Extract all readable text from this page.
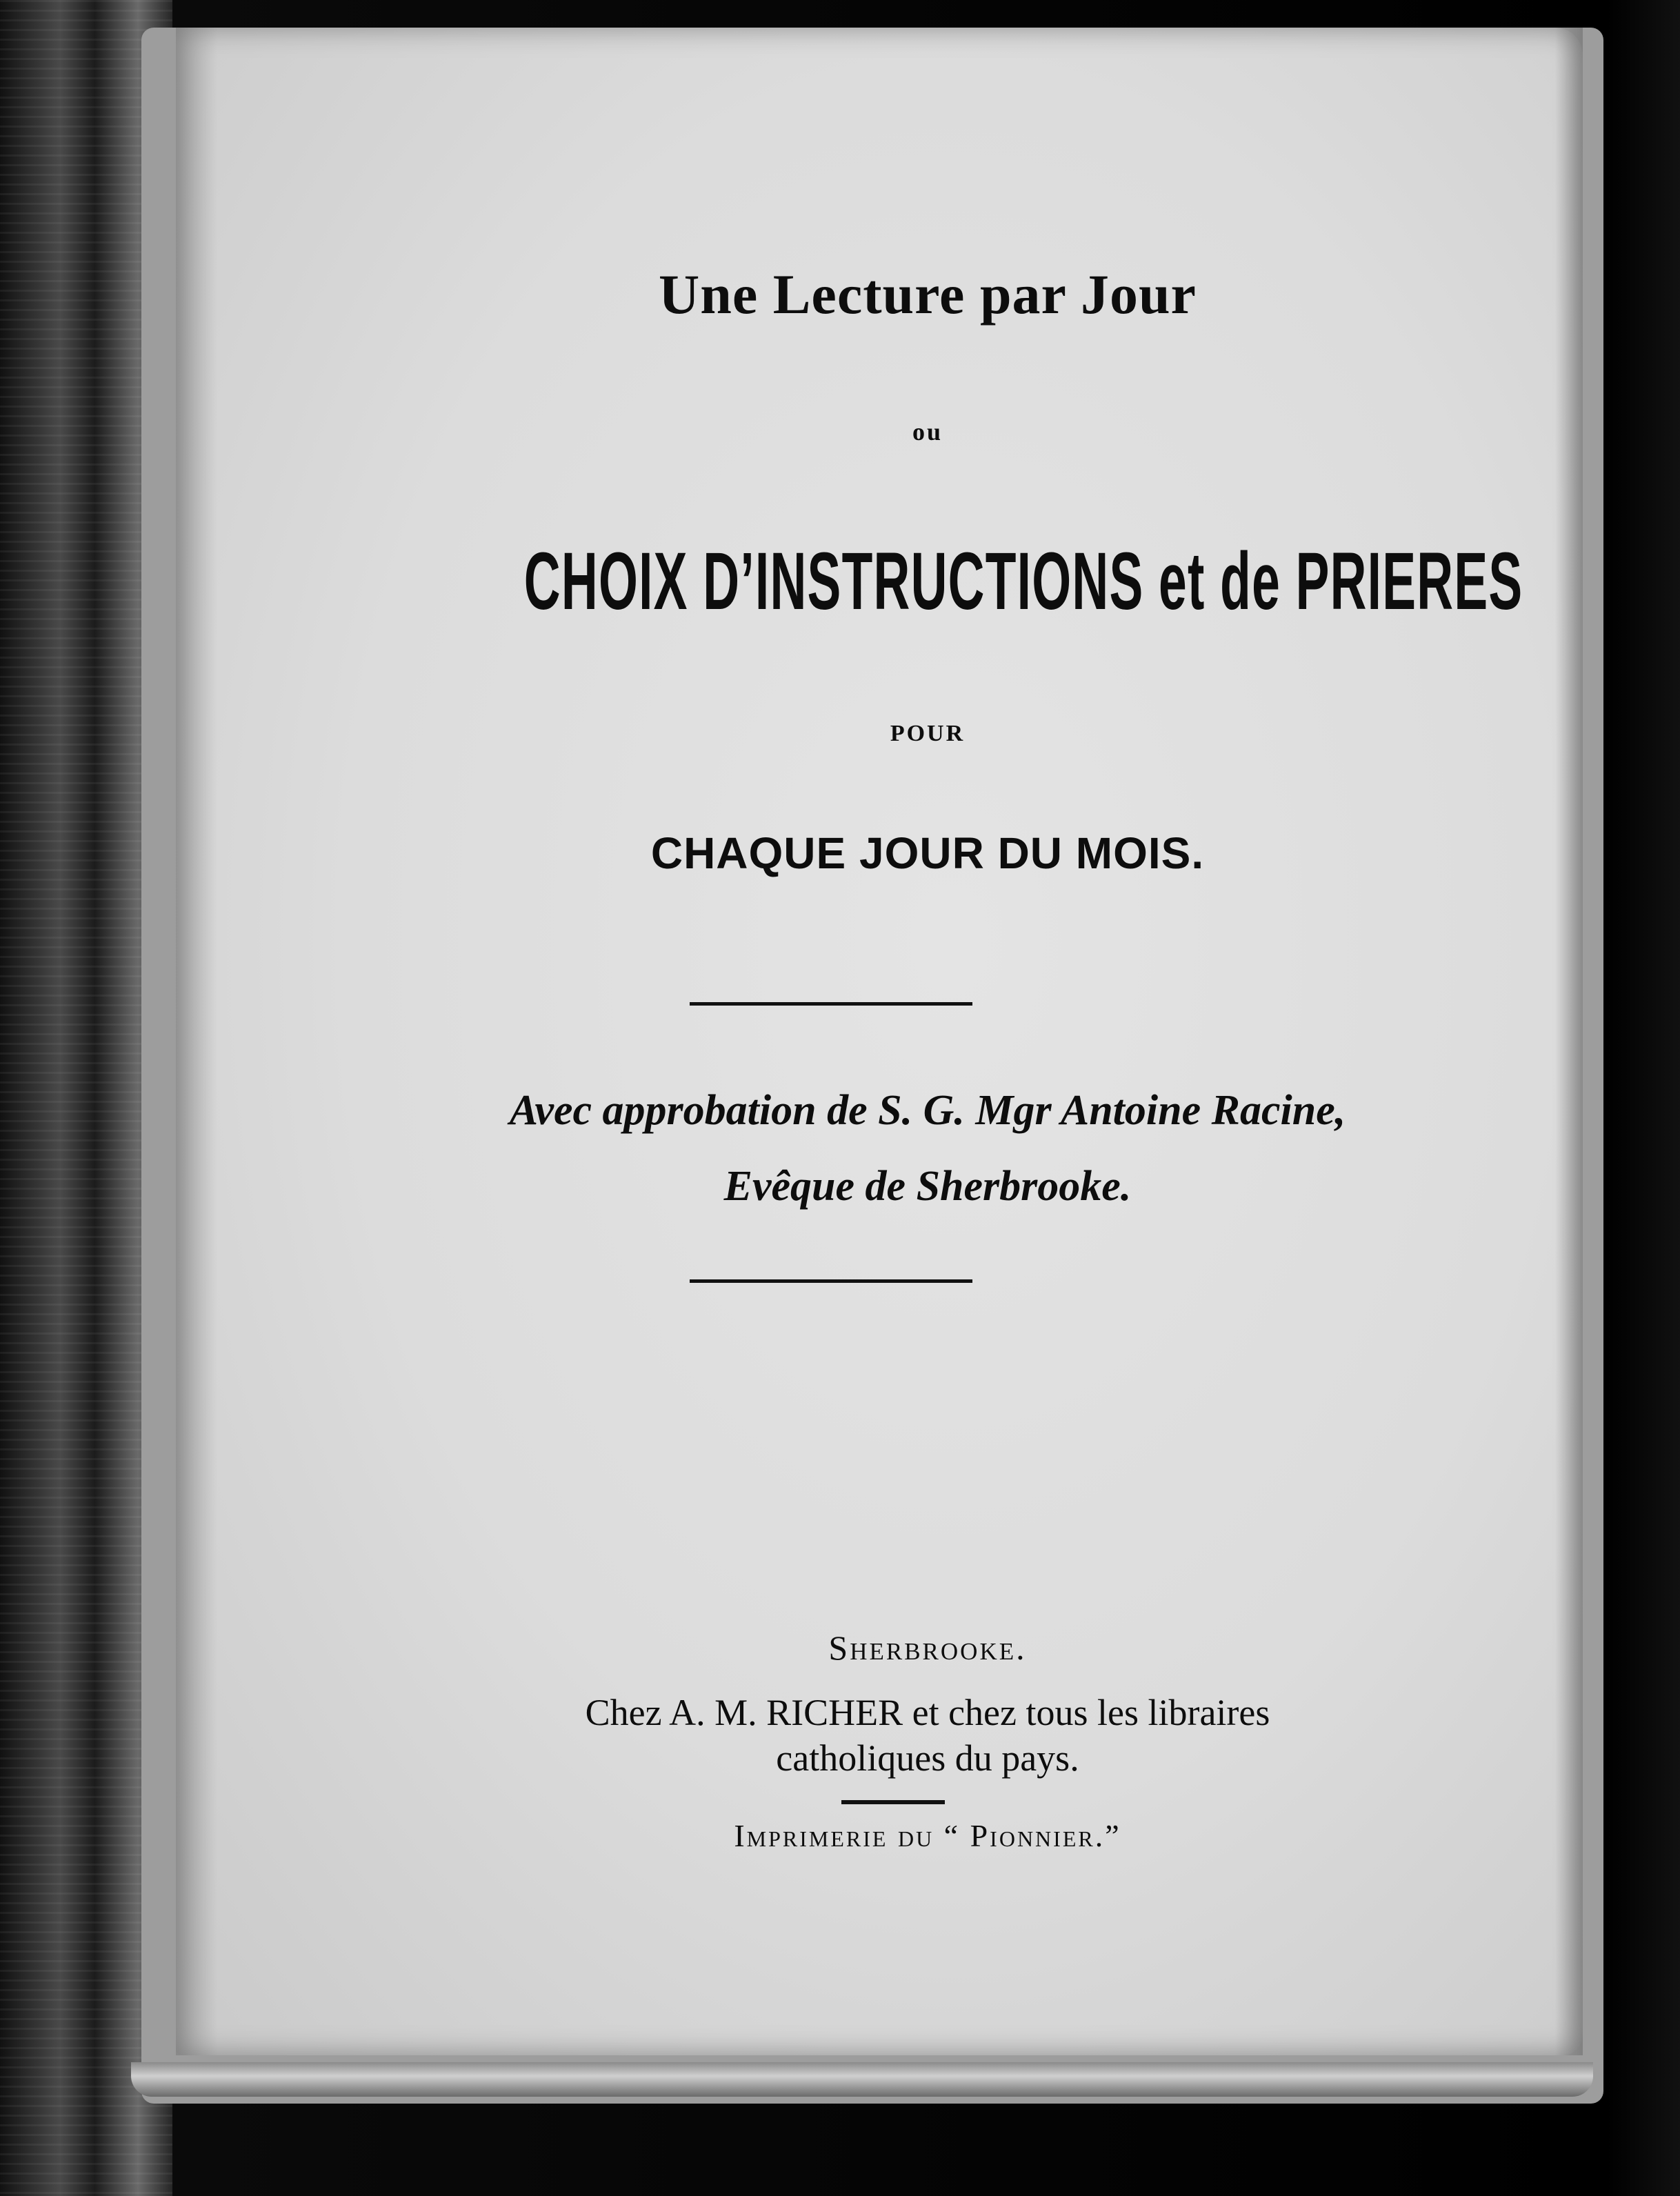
Une Lecture par Jour
ou
CHOIX D’INSTRUCTIONS et de PRIERES
POUR
CHAQUE JOUR DU MOIS.
Avec approbation de S. G. Mgr Antoine Racine,
Evêque de Sherbrooke.
Sherbrooke.
Chez A. M. RICHER et chez tous les libraires
catholiques du pays.
Imprimerie du “ Pionnier.”
